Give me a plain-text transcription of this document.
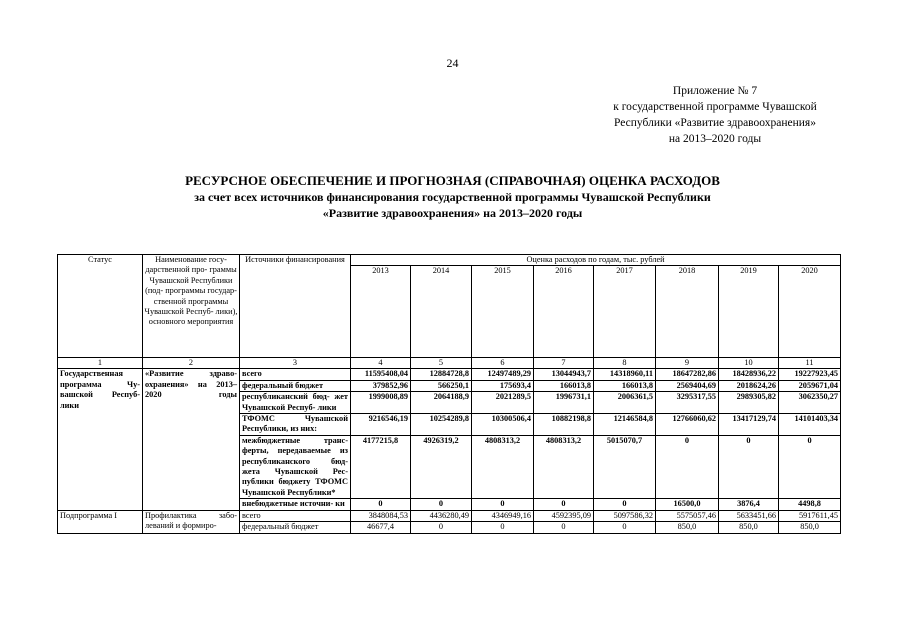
24
Приложение № 7
к государственной программе Чувашской
Республики «Развитие здравоохранения»
на 2013–2020 годы
РЕСУРСНОЕ ОБЕСПЕЧЕНИЕ И ПРОГНОЗНАЯ (СПРАВОЧНАЯ) ОЦЕНКА РАСХОДОВ
за счет всех источников финансирования государственной программы Чувашской Республики
«Развитие здравоохранения» на 2013–2020 годы
Статус	Наименование госу- дарственной про- граммы Чувашской Республики (под- программы государ- ственной программы Чувашской Респуб- лики), основного мероприятия	Источники финансирования	Оценка расходов по годам, тыс. рублей							
			2013	2014	2015	2016	2017	2018	2019	2020
1	2	3	4	5	6	7	8	9	10	11
Государственная программа Чу- вашской Респуб- лики	«Развитие здраво- охранения» на 2013–2020 годы	всего	11595408,04	12884728,8	12497489,29	13044943,7	14318960,11	18647282,86	18428936,22	19227923,45
		федеральный бюджет	379852,96	566250,1	175693,4	166013,8	166013,8	2569404,69	2018624,26	2059671,04
		республиканский бюд- жет Чувашской Респуб- лики	1999008,89	2064188,9	2021289,5	1996731,1	2006361,5	3295317,55	2989305,82	3062350,27
		ТФОМС Чувашской Республики, из них:	9216546,19	10254289,8	10300506,4	10882198,8	12146584,8	12766060,62	13417129,74	14101403,34
		межбюджетные транс- ферты, передаваемые из республиканского бюд- жета Чувашской Рес- публики бюджету ТФОМС Чувашской Республики*	4177215,8	4926319,2	4808313,2	4808313,2	5015070,7	0	0	0
		внебюджетные источни- ки	0	0	0	0	0	16500,0	3876,4	4498,8
Подпрограмма I	Профилактика забо- леваний и формиро-	всего	3848084,53	4436280,49	4346949,16	4592395,09	5097586,32	5575057,46	5633451,66	5917611,45
		федеральный бюджет	46677,4	0	0	0	0	850,0	850,0	850,0
